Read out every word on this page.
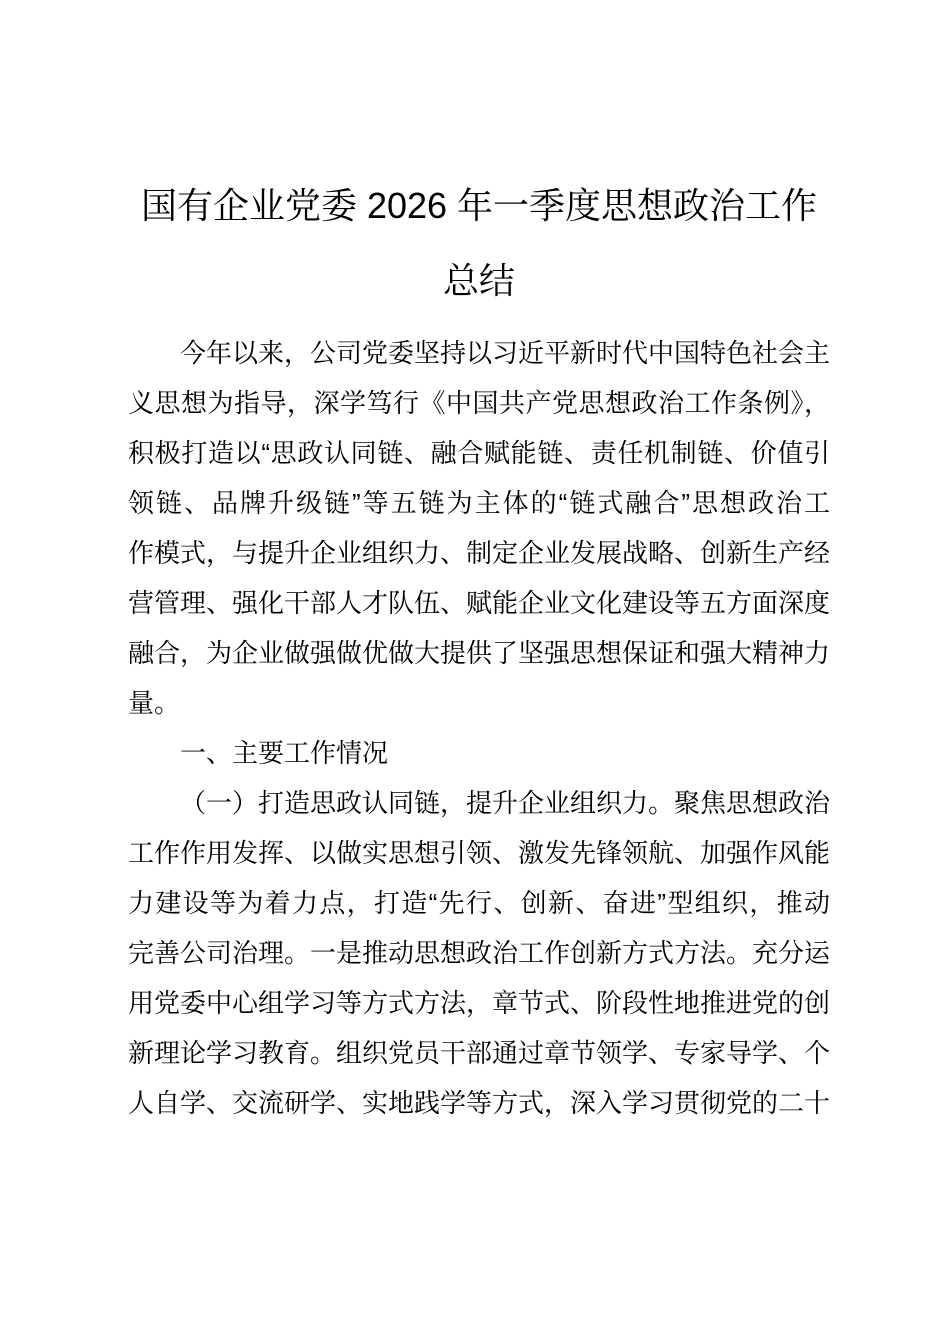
国有企业党委 2026 年一季度思想政治工作
总结
今年以来，公司党委坚持以习近平新时代中国特色社会主
义思想为指导，深学笃行《中国共产党思想政治工作条例》，
积极打造以“思政认同链、融合赋能链、责任机制链、价值引
领链、品牌升级链”等五链为主体的“链式融合”思想政治工
作模式，与提升企业组织力、制定企业发展战略、创新生产经
营管理、强化干部人才队伍、赋能企业文化建设等五方面深度
融合，为企业做强做优做大提供了坚强思想保证和强大精神力
量。
一、主要工作情况
（一）打造思政认同链，提升企业组织力。聚焦思想政治
工作作用发挥、以做实思想引领、激发先锋领航、加强作风能
力建设等为着力点，打造“先行、创新、奋进”型组织，推动
完善公司治理。一是推动思想政治工作创新方式方法。充分运
用党委中心组学习等方式方法，章节式、阶段性地推进党的创
新理论学习教育。组织党员干部通过章节领学、专家导学、个
人自学、交流研学、实地践学等方式，深入学习贯彻党的二十
